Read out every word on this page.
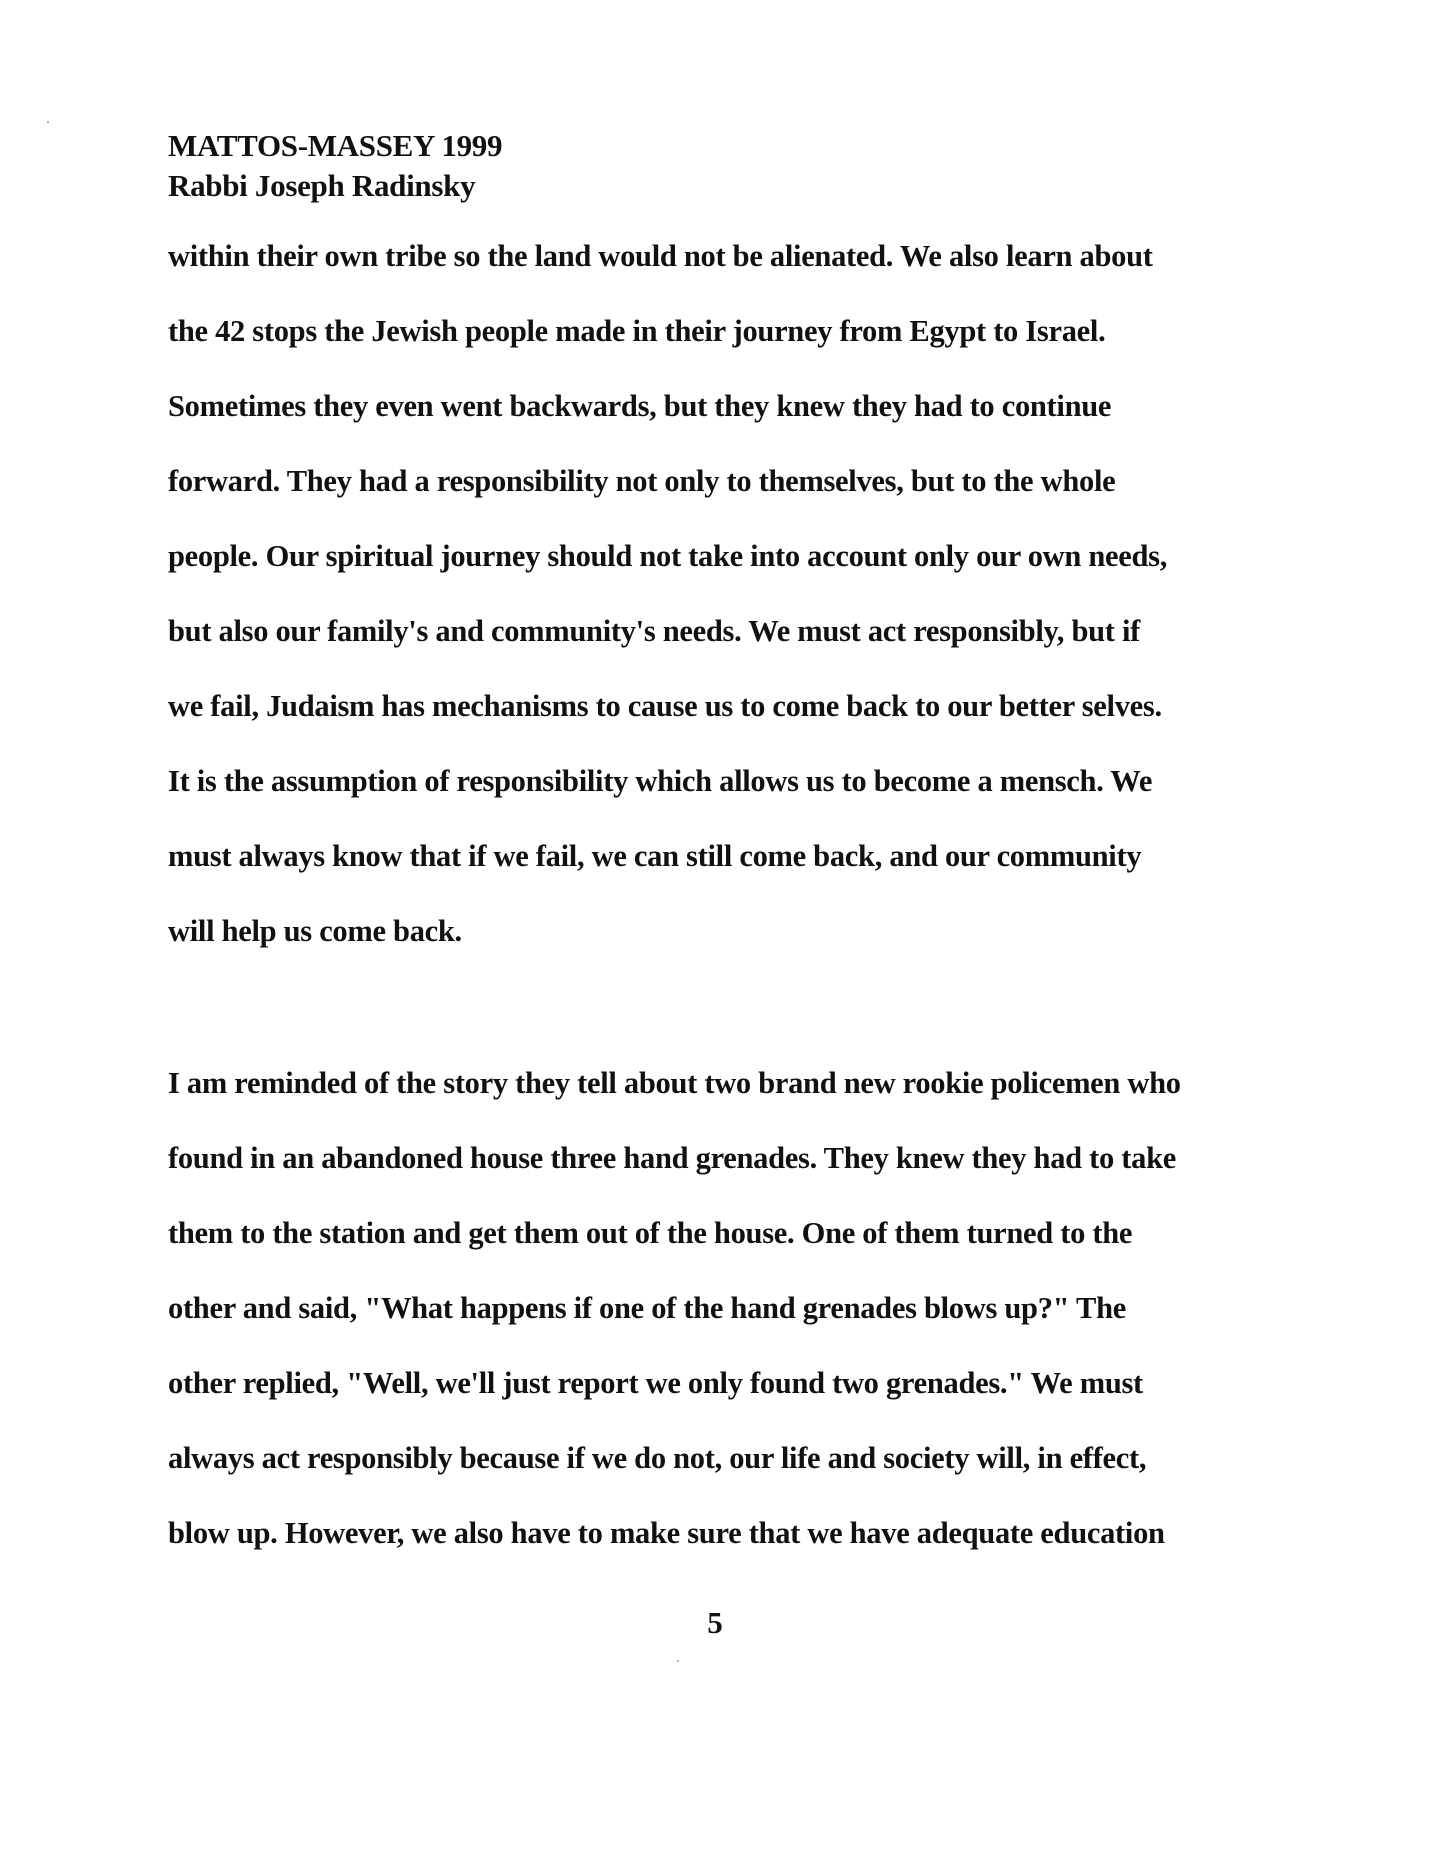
MATTOS-MASSEY 1999
Rabbi Joseph Radinsky
within their own tribe so the land would not be alienated. We also learn about
the 42 stops the Jewish people made in their journey from Egypt to Israel.
Sometimes they even went backwards, but they knew they had to continue
forward. They had a responsibility not only to themselves, but to the whole
people. Our spiritual journey should not take into account only our own needs,
but also our family's and community's needs. We must act responsibly, but if
we fail, Judaism has mechanisms to cause us to come back to our better selves.
It is the assumption of responsibility which allows us to become a mensch. We
must always know that if we fail, we can still come back, and our community
will help us come back.
I am reminded of the story they tell about two brand new rookie policemen who
found in an abandoned house three hand grenades. They knew they had to take
them to the station and get them out of the house. One of them turned to the
other and said, "What happens if one of the hand grenades blows up?" The
other replied, "Well, we'll just report we only found two grenades." We must
always act responsibly because if we do not, our life and society will, in effect,
blow up. However, we also have to make sure that we have adequate education
5
